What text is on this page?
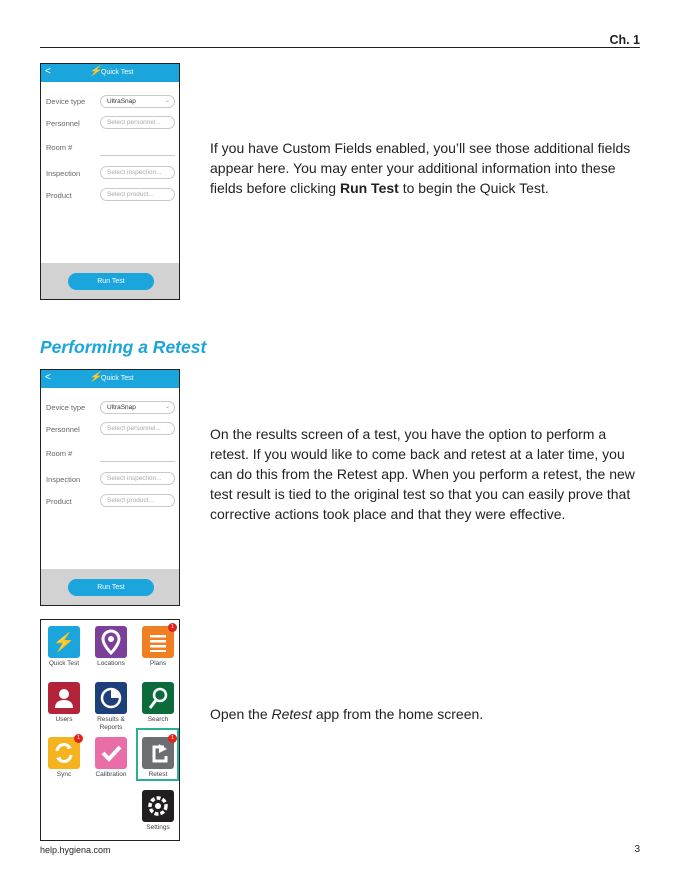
Ch. 1
<	⚡ Quick Test
Device type	UltraSnap	⌄
Personnel	Select personnel...
Room #
Inspection	Select inspection...
Product	Select product...
Run Test

If you have Custom Fields enabled, you’ll see those additional fields appear here. You may enter your additional information into these fields before clicking Run Test to begin the Quick Test.

Performing a Retest
<	⚡ Quick Test
Device type	UltraSnap	⌄
Personnel	Select personnel...
Room #
Inspection	Select inspection...
Product	Select product...
Run Test

On the results screen of a test, you have the option to perform a retest. If you would like to come back and retest at a later time, you can do this from the Retest app. When you perform a retest, the new test result is tied to the original test so that you can easily prove that corrective actions took place and that they were effective.

⚡
Quick Test	Locations
1
Plans
Users	Results & Reports
Search
1
Sync	Calibration
1
Retest
Settings

Open the Retest app from the home screen.

help.hygiena.com	3
